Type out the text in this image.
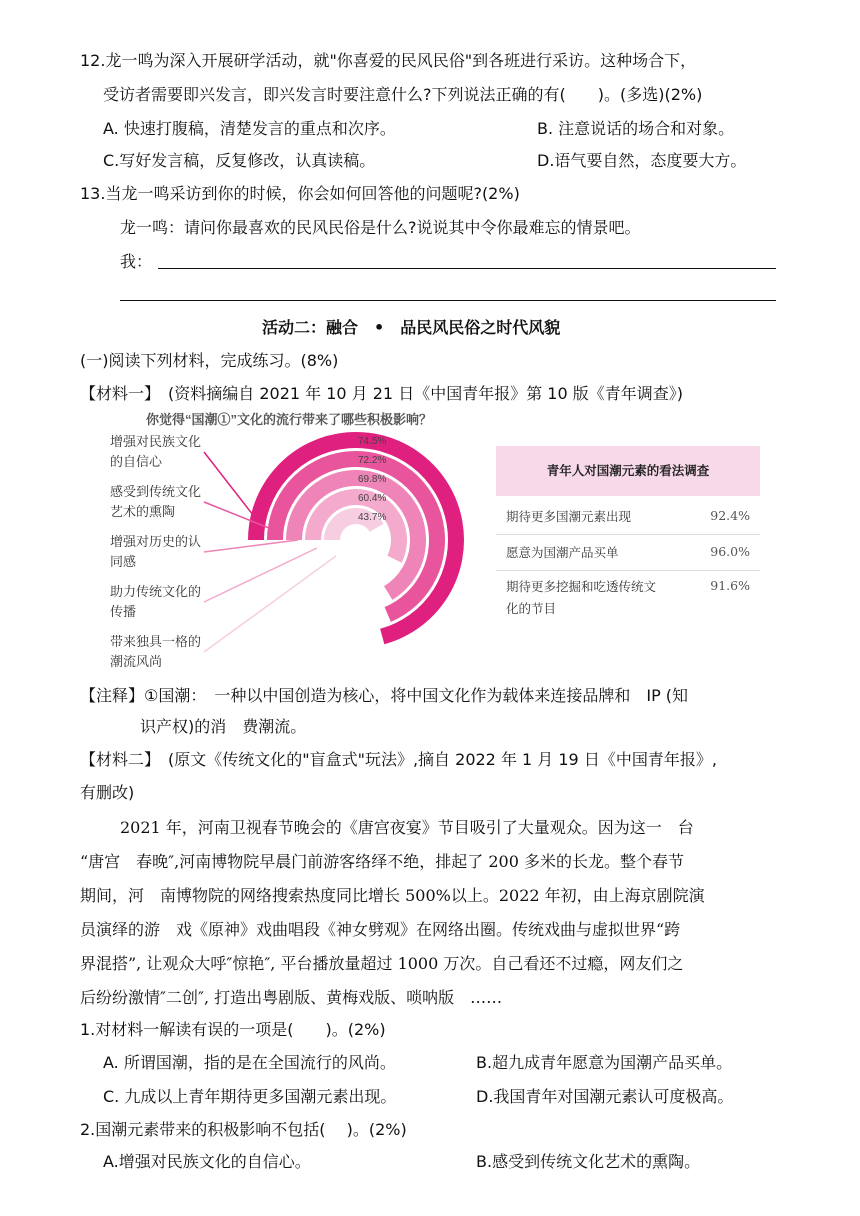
12.龙一鸣为深入开展研学活动，就"你喜爱的民风民俗"到各班进行采访。这种场合下，
受访者需要即兴发言，即兴发言时要注意什么?下列说法正确的有(　　)。(多选)(2%)
A. 快速打腹稿，清楚发言的重点和次序。	B. 注意说话的场合和对象。
C.写好发言稿，反复修改，认真读稿。	D.语气要自然，态度要大方。
13.当龙一鸣采访到你的时候，你会如何回答他的问题呢?(2%)
龙一鸣：请问你最喜欢的民风民俗是什么?说说其中令你最难忘的情景吧。
我：
活动二：融合　•　品民风民俗之时代风貌
(一)阅读下列材料，完成练习。(8%)
【材料一】　(资料摘编自 2021 年 10 月 21 日《中国青年报》第 10 版《青年调查》)
你觉得“国潮①”文化的流行带来了哪些积极影响？
增强对民族文化
的自信心
感受到传统文化
艺术的熏陶
增强对历史的认
同感
助力传统文化的
传播
带来独具一格的
潮流风尚
74.5%
72.2%
69.8%
60.4%
43.7%
青年人对国潮元素的看法调查
期待更多国潮元素出现	92.4%
愿意为国潮产品买单	96.0%
期待更多挖掘和吃透传统文
化的节目
91.6%
【注释】①国潮：　一种以中国创造为核心，将中国文化作为载体来连接品牌和　IP (知
识产权)的消　费潮流。
【材料二】　(原文《传统文化的"盲盒式"玩法》,摘自 2022 年 1 月 19 日《中国青年报》,
有删改)
2021 年，河南卫视春节晚会的《唐宫夜宴》节目吸引了大量观众。因为这一　台
“唐宫　春晚″,河南博物院早晨门前游客络绎不绝，排起了 200 多米的长龙。整个春节
期间，河　南博物院的网络搜索热度同比增长 500%以上。2022 年初，由上海京剧院演
员演绎的游　戏《原神》戏曲唱段《神女劈观》在网络出圈。传统戏曲与虚拟世界“跨
界混搭”, 让观众大呼″惊艳″, 平台播放量超过 1000 万次。自己看还不过瘾，网友们之
后纷纷激情″二创″, 打造出粤剧版、黄梅戏版、唢呐版　……
1.对材料一解读有误的一项是(　　)。(2%)
A. 所谓国潮，指的是在全国流行的风尚。	B.超九成青年愿意为国潮产品买单。
C. 九成以上青年期待更多国潮元素出现。	D.我国青年对国潮元素认可度极高。
2.国潮元素带来的积极影响不包括(　 )。(2%)
A.增强对民族文化的自信心。	B.感受到传统文化艺术的熏陶。
